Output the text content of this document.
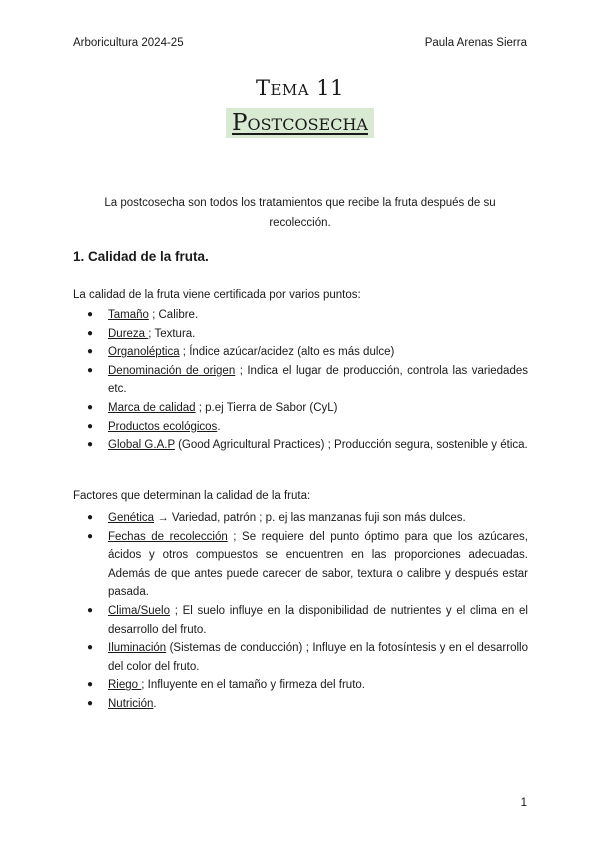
Arboricultura 2024-25	Paula Arenas Sierra
Tema 11
Postcosecha
La postcosecha son todos los tratamientos que recibe la fruta después de su recolección.
1. Calidad de la fruta.
La calidad de la fruta viene certificada por varios puntos:
● Tamaño ; Calibre.
● Dureza ; Textura.
● Organoléptica ; Índice azúcar/acidez (alto es más dulce)
● Denominación de origen ; Indica el lugar de producción, controla las variedades etc.
● Marca de calidad ; p.ej Tierra de Sabor (CyL)
● Productos ecológicos.
● Global G.A.P (Good Agricultural Practices) ; Producción segura, sostenible y ética.
Factores que determinan la calidad de la fruta:
● Genética → Variedad, patrón ; p. ej las manzanas fuji son más dulces.
● Fechas de recolección ; Se requiere del punto óptimo para que los azúcares, ácidos y otros compuestos se encuentren en las proporciones adecuadas. Además de que antes puede carecer de sabor, textura o calibre y después estar pasada.
● Clima/Suelo ; El suelo influye en la disponibilidad de nutrientes y el clima en el desarrollo del fruto.
● Iluminación (Sistemas de conducción) ; Influye en la fotosíntesis y en el desarrollo del color del fruto.
● Riego ; Influyente en el tamaño y firmeza del fruto.
● Nutrición.
1
